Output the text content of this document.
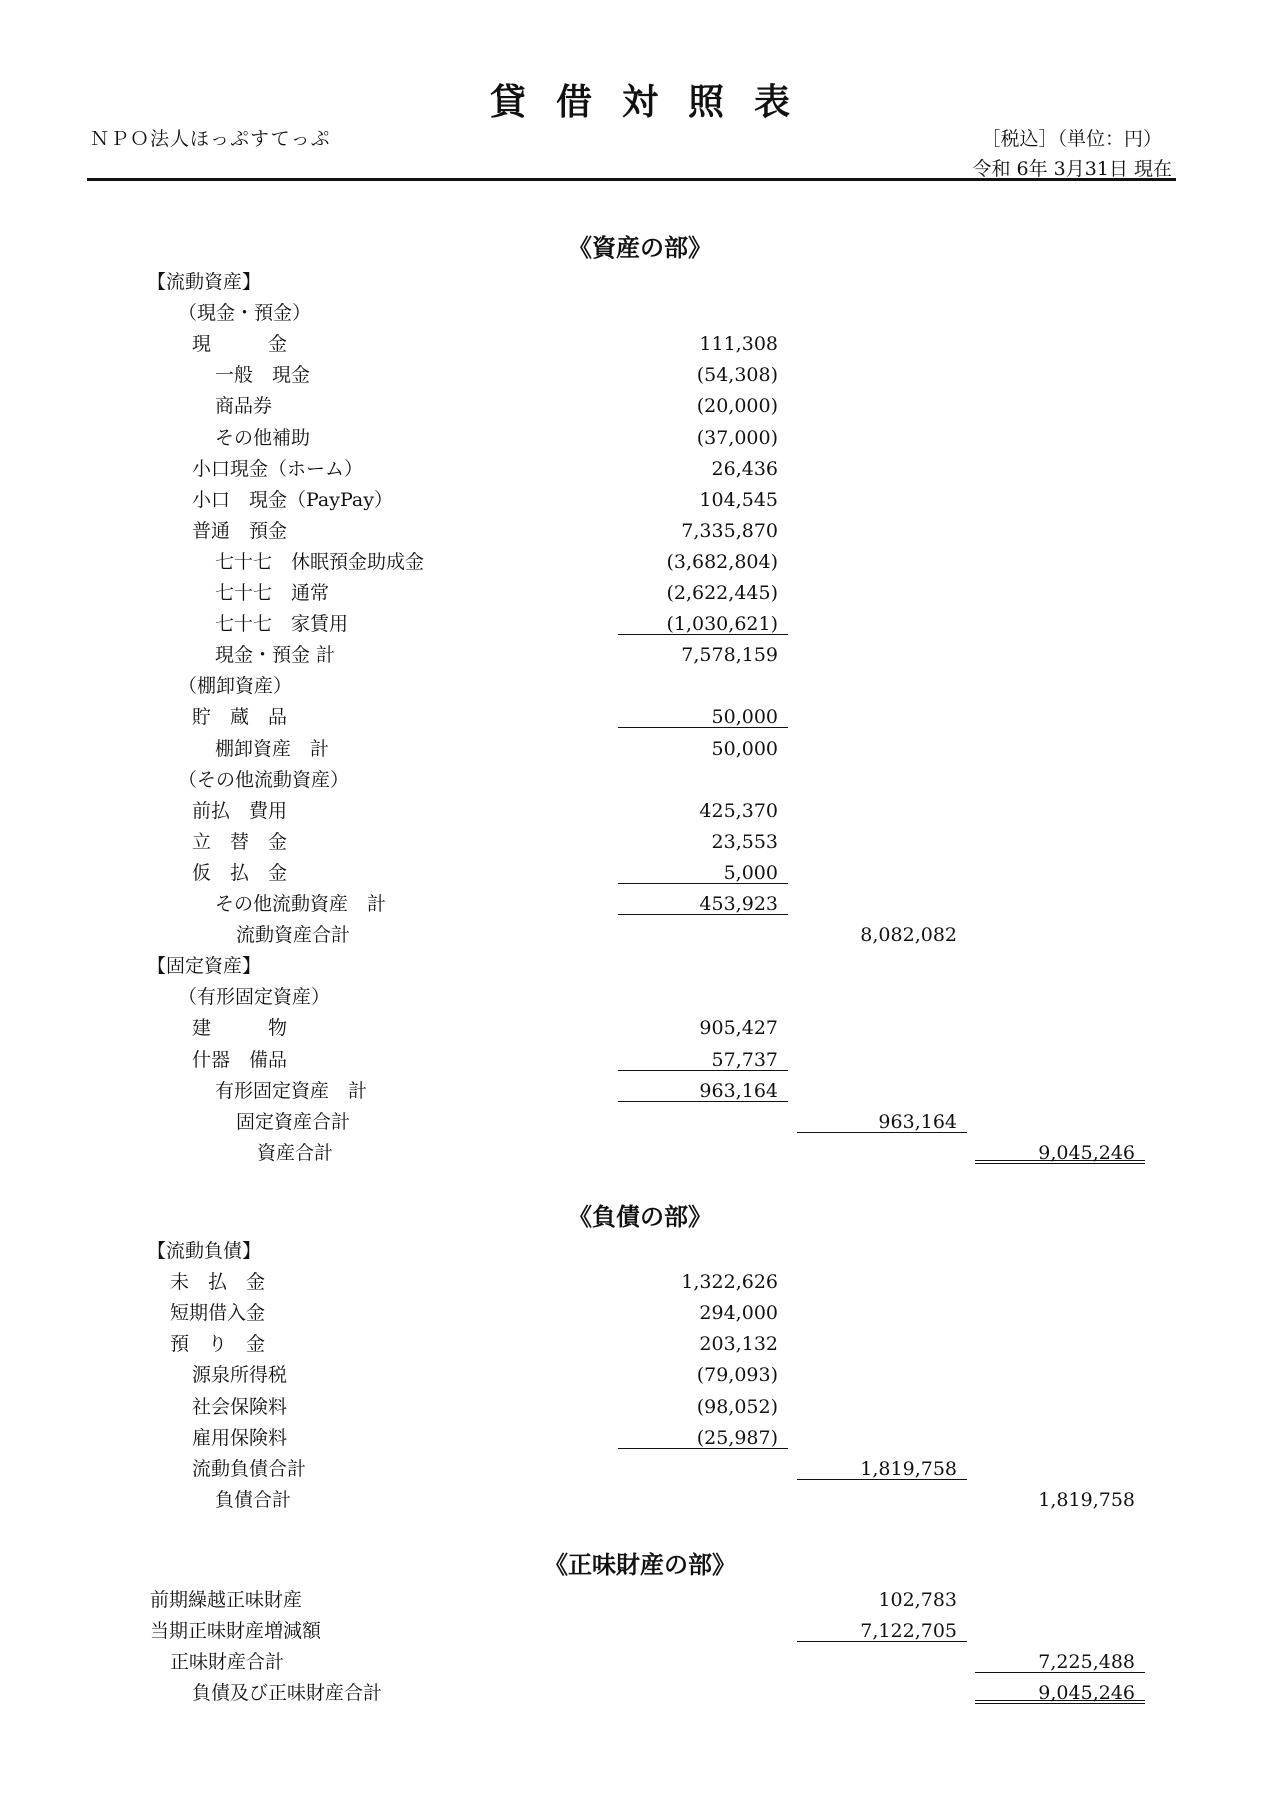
貸借対照表
ＮＰＯ法人ほっぷすてっぷ	［税込］（単位：円）
令和 6年 3月31日 現在
《資産の部》
【流動資産】
（現金・預金）
現　　　金	111,308
一般　現金	(54,308)
商品券	(20,000)
その他補助	(37,000)
小口現金（ホーム）	26,436
小口　現金（PayPay）	104,545
普通　預金	7,335,870
七十七　休眠預金助成金	(3,682,804)
七十七　通常	(2,622,445)
七十七　家賃用	(1,030,621)
現金・預金 計	7,578,159
（棚卸資産）
貯　蔵　品	50,000
棚卸資産　計	50,000
（その他流動資産）
前払　費用	425,370
立　替　金	23,553
仮　払　金	5,000
その他流動資産　計	453,923
流動資産合計	8,082,082
【固定資産】
（有形固定資産）
建　　　物	905,427
什器　備品	57,737
有形固定資産　計	963,164
固定資産合計	963,164
資産合計	9,045,246
《負債の部》
【流動負債】
未　払　金	1,322,626
短期借入金	294,000
預　り　金	203,132
源泉所得税	(79,093)
社会保険料	(98,052)
雇用保険料	(25,987)
流動負債合計	1,819,758
負債合計	1,819,758
《正味財産の部》
前期繰越正味財産	102,783
当期正味財産増減額	7,122,705
正味財産合計	7,225,488
負債及び正味財産合計	9,045,246
